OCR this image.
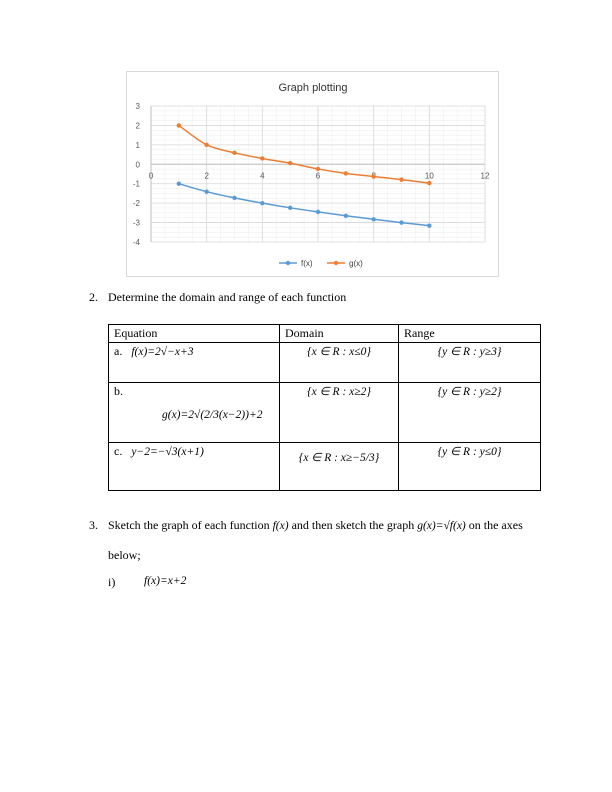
Graph plotting
0	2	4	6	10	12
3
2
1
0
-1
-2
-3
-4
f(x)	g(x)
2. Determine the domain and range of each function
Equation	Domain	Range
a. f(x)=2√−x+3	{x ∈ R : x≤0}	{y ∈ R : y≥3}

b.
g(x)=2√(2/3(x−2))+2	{x ∈ R : x≥2}	{y ∈ R : y≥2}
c. y−2=−√3(x+1)	{x ∈ R : x≥−5/3}	{y ∈ R : y≤0}
3. Sketch the graph of each function f(x) and then sketch the graph g(x)=√f(x) on the axes
below;
i) f(x)=x+2
